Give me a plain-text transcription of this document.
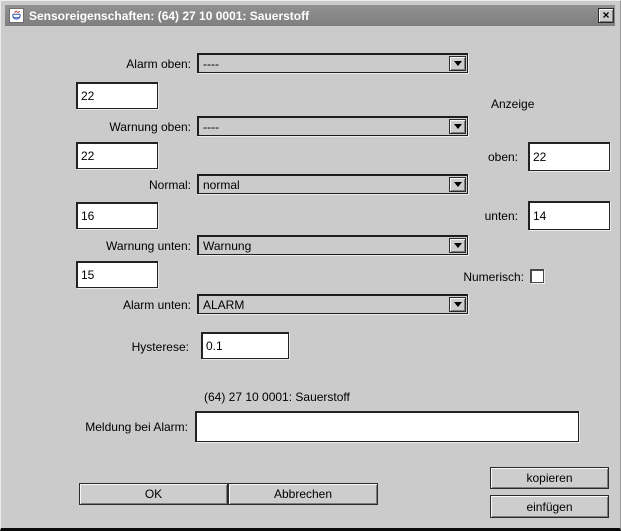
Sensoreigenschaften: (64) 27 10 0001: Sauerstoff	×
Alarm oben: ----
22
Warnung oben: ----
22
Normal: normal
16
Warnung unten: Warnung
15
Alarm unten: ALARM
Hysterese:
0.1
Anzeige
oben:
22
unten:
14
Numerisch:
(64) 27 10 0001: Sauerstoff
Meldung bei Alarm:
OK	Abbrechen
kopieren
einfügen
